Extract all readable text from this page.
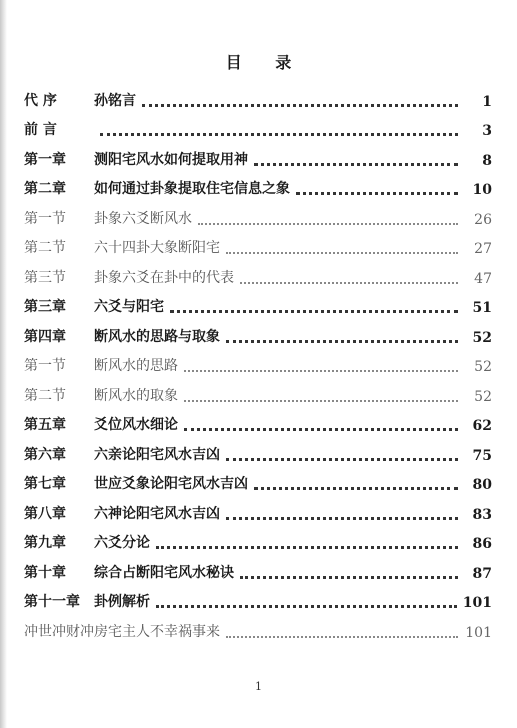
目 录
代 序	孙铭言	1
前 言	3
第一章	测阳宅风水如何提取用神	8
第二章	如何通过卦象提取住宅信息之象	10
第一节	卦象六爻断风水	26
第二节	六十四卦大象断阳宅	27
第三节	卦象六爻在卦中的代表	47
第三章	六爻与阳宅	51
第四章	断风水的思路与取象	52
第一节	断风水的思路	52
第二节	断风水的取象	52
第五章	爻位风水细论	62
第六章	六亲论阳宅风水吉凶	75
第七章	世应爻象论阳宅风水吉凶	80
第八章	六神论阳宅风水吉凶	83
第九章	六爻分论	86
第十章	综合占断阳宅风水秘诀	87
第十一章	卦例解析	101
冲世冲财冲房宅 主人不幸祸事来	101
1
